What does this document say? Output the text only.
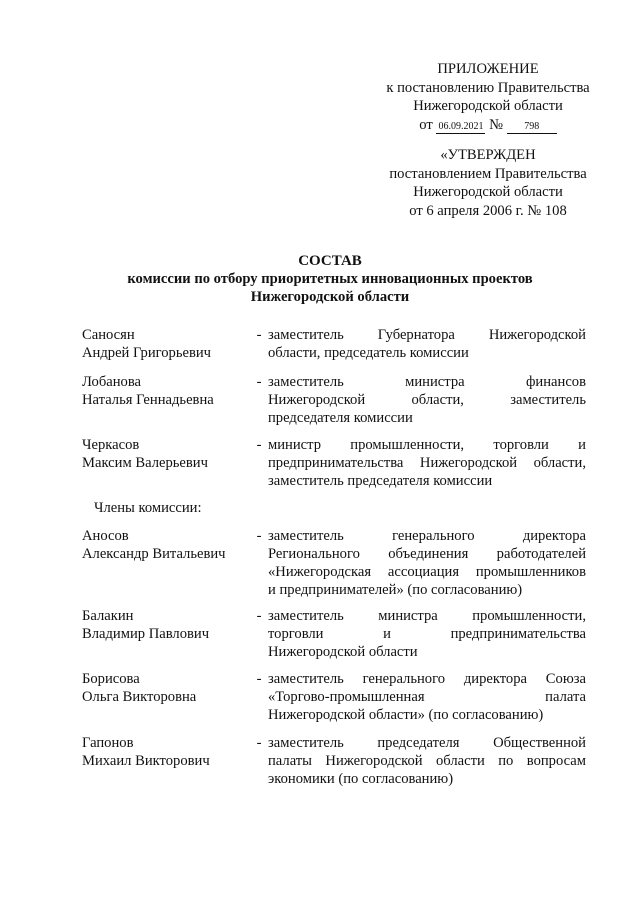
ПРИЛОЖЕНИЕ
к постановлению Правительства
Нижегородской области
от 06.09.2021 № 798
«УТВЕРЖДЕН
постановлением Правительства
Нижегородской области
от 6 апреля 2006 г. № 108
СОСТАВ
комиссии по отбору приоритетных инновационных проектов
Нижегородской области
Саносян
Андрей Григорьевич
- заместитель Губернатора Нижегородской
области, председатель комиссии
Лобанова
Наталья Геннадьевна
- заместитель министра финансов
Нижегородской области, заместитель
председателя комиссии
Черкасов
Максим Валерьевич
- министр промышленности, торговли и
предпринимательства Нижегородской области,
заместитель председателя комиссии
Члены комиссии:
Аносов
Александр Витальевич
- заместитель генерального директора
Регионального объединения работодателей
«Нижегородская ассоциация промышленников
и предпринимателей» (по согласованию)
Балакин
Владимир Павлович
- заместитель министра промышленности,
торговли и предпринимательства
Нижегородской области
Борисова
Ольга Викторовна
- заместитель генерального директора Союза
«Торгово-промышленная палата
Нижегородской области» (по согласованию)
Гапонов
Михаил Викторович
- заместитель председателя Общественной
палаты Нижегородской области по вопросам
экономики (по согласованию)
